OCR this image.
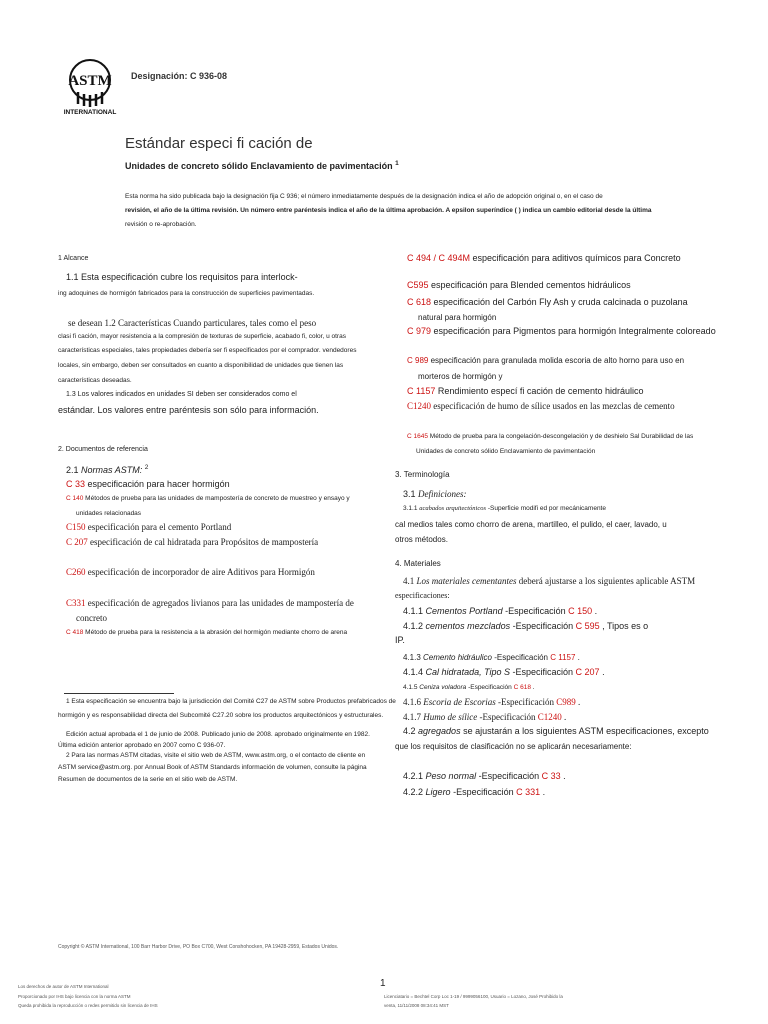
ASTM
INTERNATIONAL
Designación: C 936-08
Estándar especi fi cación de
Unidades de concreto sólido Enclavamiento de pavimentación $^1$
Esta norma ha sido publicada bajo la designación fija C 936; el número inmediatamente después de la designación indica el año de adopción original o, en el caso de
revisión, el año de la última revisión. Un número entre paréntesis indica el año de la última aprobación. A epsilon superíndice ( ) indica un cambio editorial desde la última
revisión o re-aprobación.
1 Alcance
1.1 Esta especificación cubre los requisitos para interlock-
ing adoquines de hormigón fabricados para la construcción de superficies pavimentadas.
se desean 1.2 Características Cuando particulares, tales como el peso
clasi fi cación, mayor resistencia a la compresión de texturas de superficie, acabado fi, color, u otras
características especiales, tales propiedades debería ser fi especificados por el comprador. vendedores
locales, sin embargo, deben ser consultados en cuanto a disponibilidad de unidades que tienen las
características deseadas.
1.3 Los valores indicados en unidades SI deben ser considerados como el
estándar. Los valores entre paréntesis son sólo para información.
2. Documentos de referencia
2.1 Normas ASTM: $^2$
C 33 especificación para hacer hormigón
C 140 Métodos de prueba para las unidades de mampostería de concreto de muestreo y ensayo y
unidades relacionadas
C150 especificación para el cemento Portland
C 207 especificación de cal hidratada para Propósitos de mampostería
C260 especificación de incorporador de aire Aditivos para Hormigón
C331 especificación de agregados livianos para las unidades de mampostería de
concreto
C 418 Método de prueba para la resistencia a la abrasión del hormigón mediante chorro de arena
1 Esta especificación se encuentra bajo la jurisdicción del Comité C27 de ASTM sobre Productos prefabricados de
hormigón y es responsabilidad directa del Subcomité C27.20 sobre los productos arquitectónicos y estructurales.
Edición actual aprobada el 1 de junio de 2008. Publicado junio de 2008. aprobado originalmente en 1982.
Última edición anterior aprobado en 2007 como C 936-07.
2 Para las normas ASTM citadas, visite el sitio web de ASTM, www.astm.org, o el contacto de cliente en
ASTM service@astm.org. por Annual Book of ASTM Standards información de volumen, consulte la página
Resumen de documentos de la serie en el sitio web de ASTM.
C 494 / C 494M especificación para aditivos químicos para Concreto
C595 especificación para Blended cementos hidráulicos
C 618 especificación del Carbón Fly Ash y cruda calcinada o puzolana
natural para hormigón
C 979 especificación para Pigmentos para hormigón Integralmente coloreado
C 989 especificación para granulada molida escoria de alto horno para uso en
morteros de hormigón y
C 1157 Rendimiento especí fi cación de cemento hidráulico
C1240 especificación de humo de sílice usados en las mezclas de cemento
C 1645 Método de prueba para la congelación-descongelación y de deshielo Sal Durabilidad de las
Unidades de concreto sólido Enclavamiento de pavimentación
3. Terminología
3.1 Definiciones:
3.1.1 acabados arquitectónicos -Superficie modifi ed por mecánicamente
cal medios tales como chorro de arena, martilleo, el pulido, el caer, lavado, u
otros métodos.
4. Materiales
4.1 Los materiales cementantes deberá ajustarse a los siguientes aplicable ASTM
especificaciones:
4.1.1 Cementos Portland -Especificación C 150 .
4.1.2 cementos mezclados -Especificación C 595 , Tipos es o
IP.
4.1.3 Cemento hidráulico -Especificación C 1157 .
4.1.4 Cal hidratada, Tipo S -Especificación C 207 .
4.1.5 Ceniza voladora -Especificación C 618 .
4.1.6 Escoria de Escorias -Especificación C989 .
4.1.7 Humo de sílice -Especificación C1240 .
4.2 agregados se ajustarán a los siguientes ASTM especificaciones, excepto
que los requisitos de clasificación no se aplicarán necesariamente:
4.2.1 Peso normal -Especificación C 33 .
4.2.2 Ligero -Especificación C 331 .
Copyright © ASTM International, 100 Barr Harbor Drive, PO Box C700, West Conshohocken, PA 19428-2959, Estados Unidos.
1
Los derechos de autor de ASTM International
Proporcionado por IHS bajo licencia con la norma ASTM
Queda prohibida la reproducción o redes permitido sin licencia de IHS
Licenciatario = Bechtel Corp Loc 1-19 / 9999056100, Usuario = Lozano, José Prohibido la
venta, 11/11/2008 08:34:41 MST
